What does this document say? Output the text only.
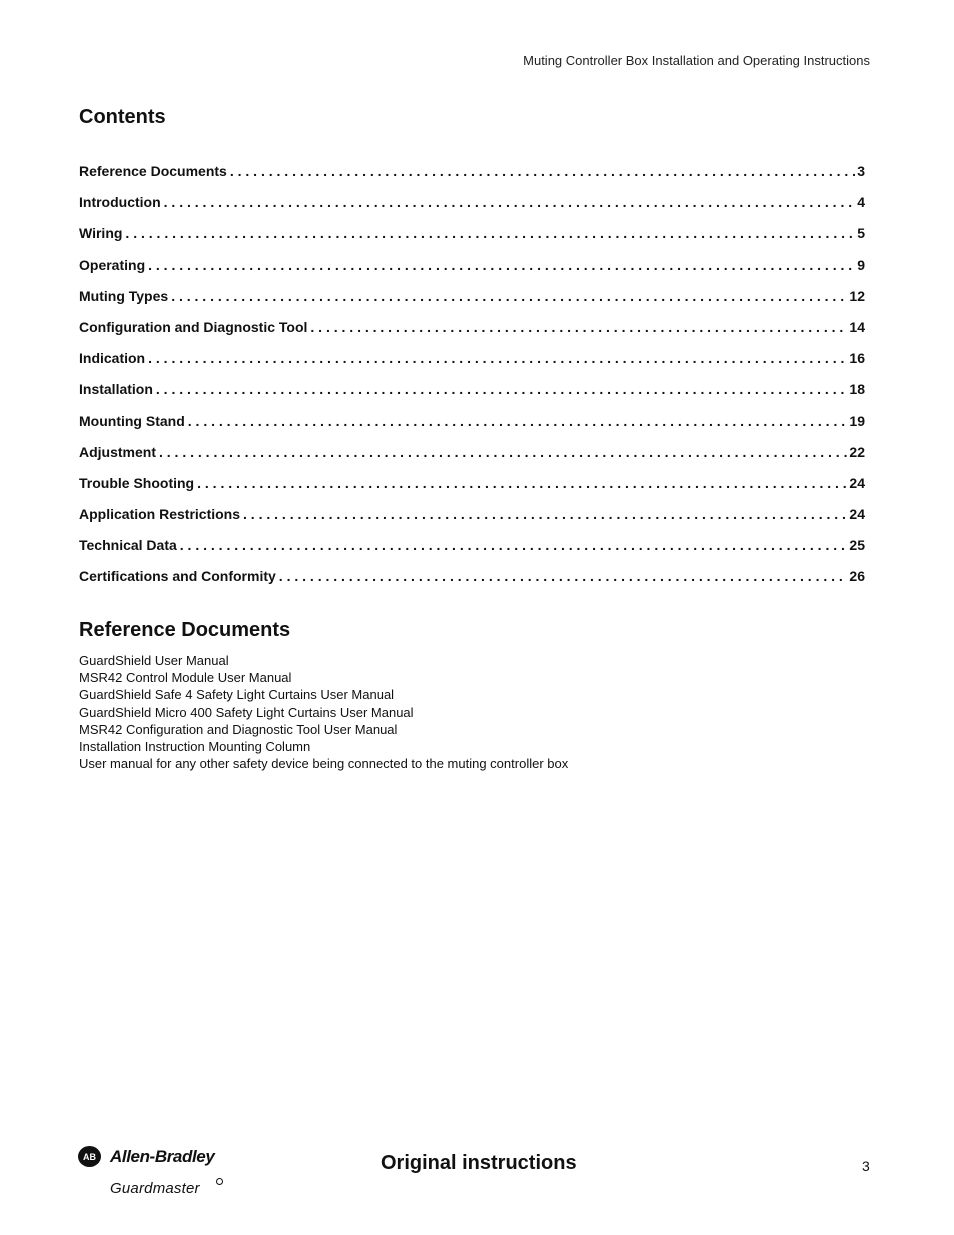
Muting Controller Box Installation and Operating Instructions
Contents
Reference Documents . . .	3
Introduction . . .	4
Wiring . . .	5
Operating . . .	9
Muting Types . . .	12
Configuration and Diagnostic Tool . . .	14
Indication . . .	16
Installation . . .	18
Mounting Stand . . .	19
Adjustment . . .	22
Trouble Shooting . . .	24
Application Restrictions . . .	24
Technical Data . . .	25
Certifications and Conformity . . .	26
Reference Documents
GuardShield User Manual
MSR42 Control Module User Manual
GuardShield Safe 4 Safety Light Curtains User Manual
GuardShield Micro 400 Safety Light Curtains User Manual
MSR42 Configuration and Diagnostic Tool User Manual
Installation Instruction Mounting Column
User manual for any other safety device being connected to the muting controller box
AB Allen-Bradley
Guardmaster
Original instructions	3
